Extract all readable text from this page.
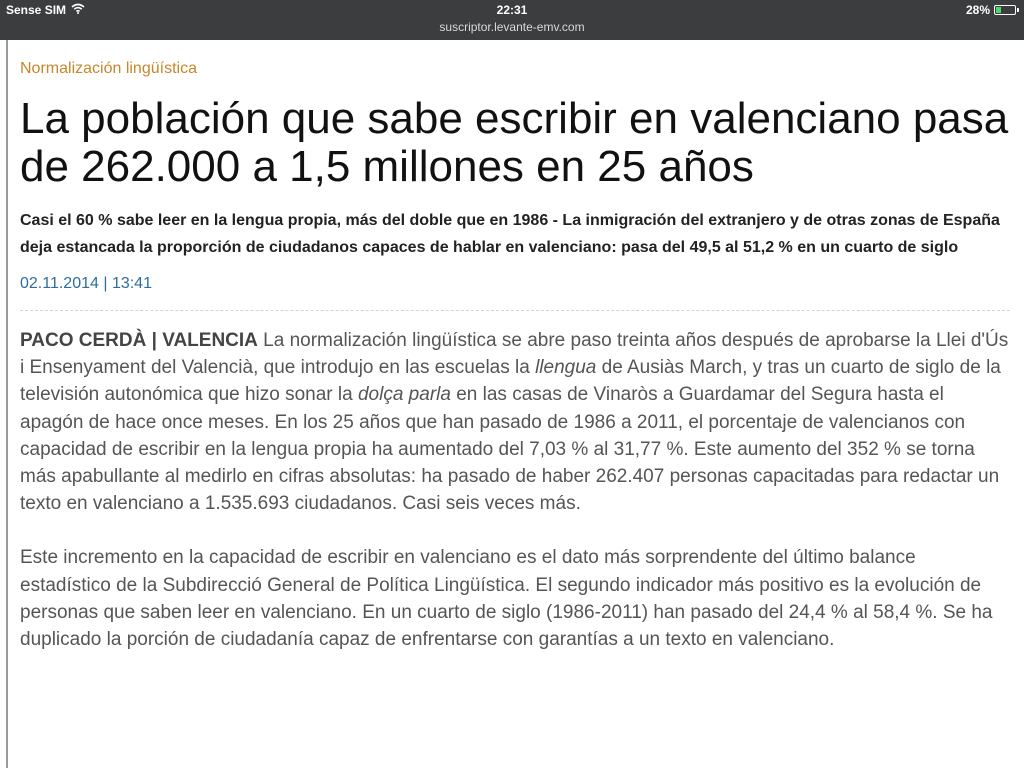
Sense SIM	22:31	28%
suscriptor.levante-emv.com
Normalización lingüística
La población que sabe escribir en valenciano pasa de 262.000 a 1,5 millones en 25 años
Casi el 60 % sabe leer en la lengua propia, más del doble que en 1986 - La inmigración del extranjero y de otras zonas de España deja estancada la proporción de ciudadanos capaces de hablar en valenciano: pasa del 49,5 al 51,2 % en un cuarto de siglo
02.11.2014 | 13:41

PACO CERDÀ | VALENCIA La normalización lingüística se abre paso treinta años después de aprobarse la Llei d'Ús i Ensenyament del Valencià, que introdujo en las escuelas la llengua de Ausiàs March, y tras un cuarto de siglo de la televisión autonómica que hizo sonar la dolça parla en las casas de Vinaròs a Guardamar del Segura hasta el apagón de hace once meses. En los 25 años que han pasado de 1986 a 2011, el porcentaje de valencianos con capacidad de escribir en la lengua propia ha aumentado del 7,03 % al 31,77 %. Este aumento del 352 % se torna más apabullante al medirlo en cifras absolutas: ha pasado de haber 262.407 personas capacitadas para redactar un texto en valenciano a 1.535.693 ciudadanos. Casi seis veces más.

Este incremento en la capacidad de escribir en valenciano es el dato más sorprendente del último balance estadístico de la Subdirecció General de Política Lingüística. El segundo indicador más positivo es la evolución de personas que saben leer en valenciano. En un cuarto de siglo (1986-2011) han pasado del 24,4 % al 58,4 %. Se ha duplicado la porción de ciudadanía capaz de enfrentarse con garantías a un texto en valenciano.
